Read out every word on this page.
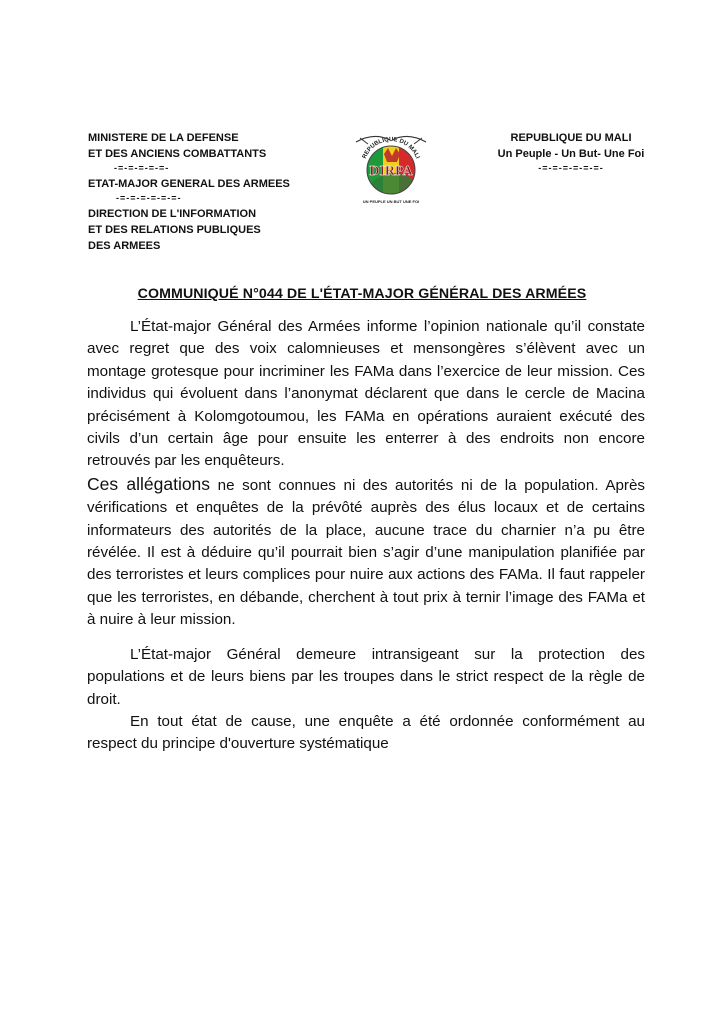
MINISTERE DE LA DEFENSE
ET DES ANCIENS COMBATTANTS
-=-=-=-=-=-
ETAT-MAJOR GENERAL DES ARMEES
-=-=-=-=-=-=-
DIRECTION DE L'INFORMATION
ET DES RELATIONS PUBLIQUES
DES ARMEES
REPUBLIQUE DU MALI
DIRPA
UN PEUPLE UN BUT UNE FOI
REPUBLIQUE DU MALI
Un Peuple - Un But- Une Foi
-=-=-=-=-=-=-
COMMUNIQUÉ N°044 DE L'ÉTAT-MAJOR GÉNÉRAL DES ARMÉES

L’État-major Général des Armées informe l’opinion nationale qu’il constate avec regret que des voix calomnieuses et mensongères s’élèvent avec un montage grotesque pour incriminer les FAMa dans l’exercice de leur mission. Ces individus qui évoluent dans l’anonymat déclarent que dans le cercle de Macina précisément à Kolomgotoumou, les FAMa en opérations auraient exécuté des civils d’un certain âge pour ensuite les enterrer à des endroits non encore retrouvés par les enquêteurs.

Ces allégations ne sont connues ni des autorités ni de la population. Après vérifications et enquêtes de la prévôté auprès des élus locaux et de certains informateurs des autorités de la place, aucune trace du charnier n’a pu être révélée. Il est à déduire qu’il pourrait bien s’agir d’une manipulation planifiée par des terroristes et leurs complices pour nuire aux actions des FAMa. Il faut rappeler que les terroristes, en débande, cherchent à tout prix à ternir l’image des FAMa et à nuire à leur mission.

L’État-major Général demeure intransigeant sur la protection des populations et de leurs biens par les troupes dans le strict respect de la règle de droit.

En tout état de cause, une enquête a été ordonnée conformément au respect du principe d'ouverture systématique
